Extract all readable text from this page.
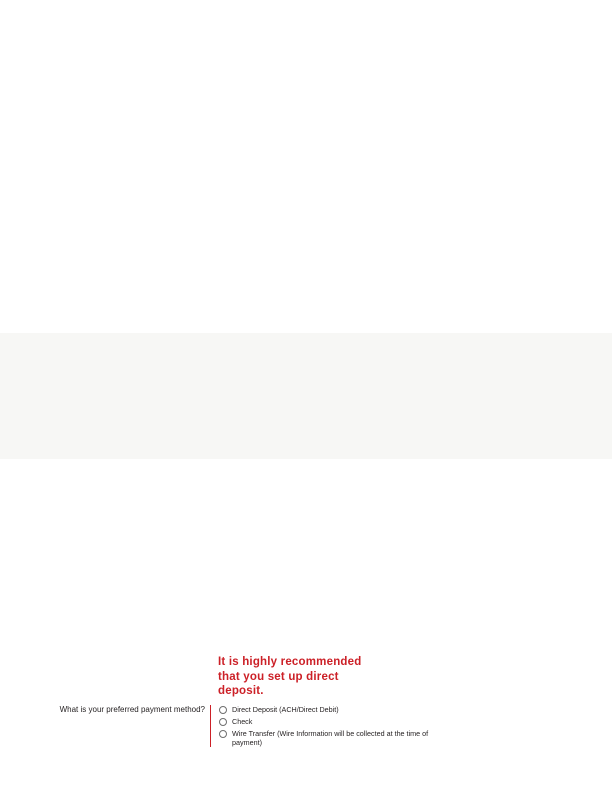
What is your preferred payment method?
It is highly recommended that you set up direct deposit.
Direct Deposit (ACH/Direct Debit)
Check
Wire Transfer (Wire Information will be collected at the time of payment)
